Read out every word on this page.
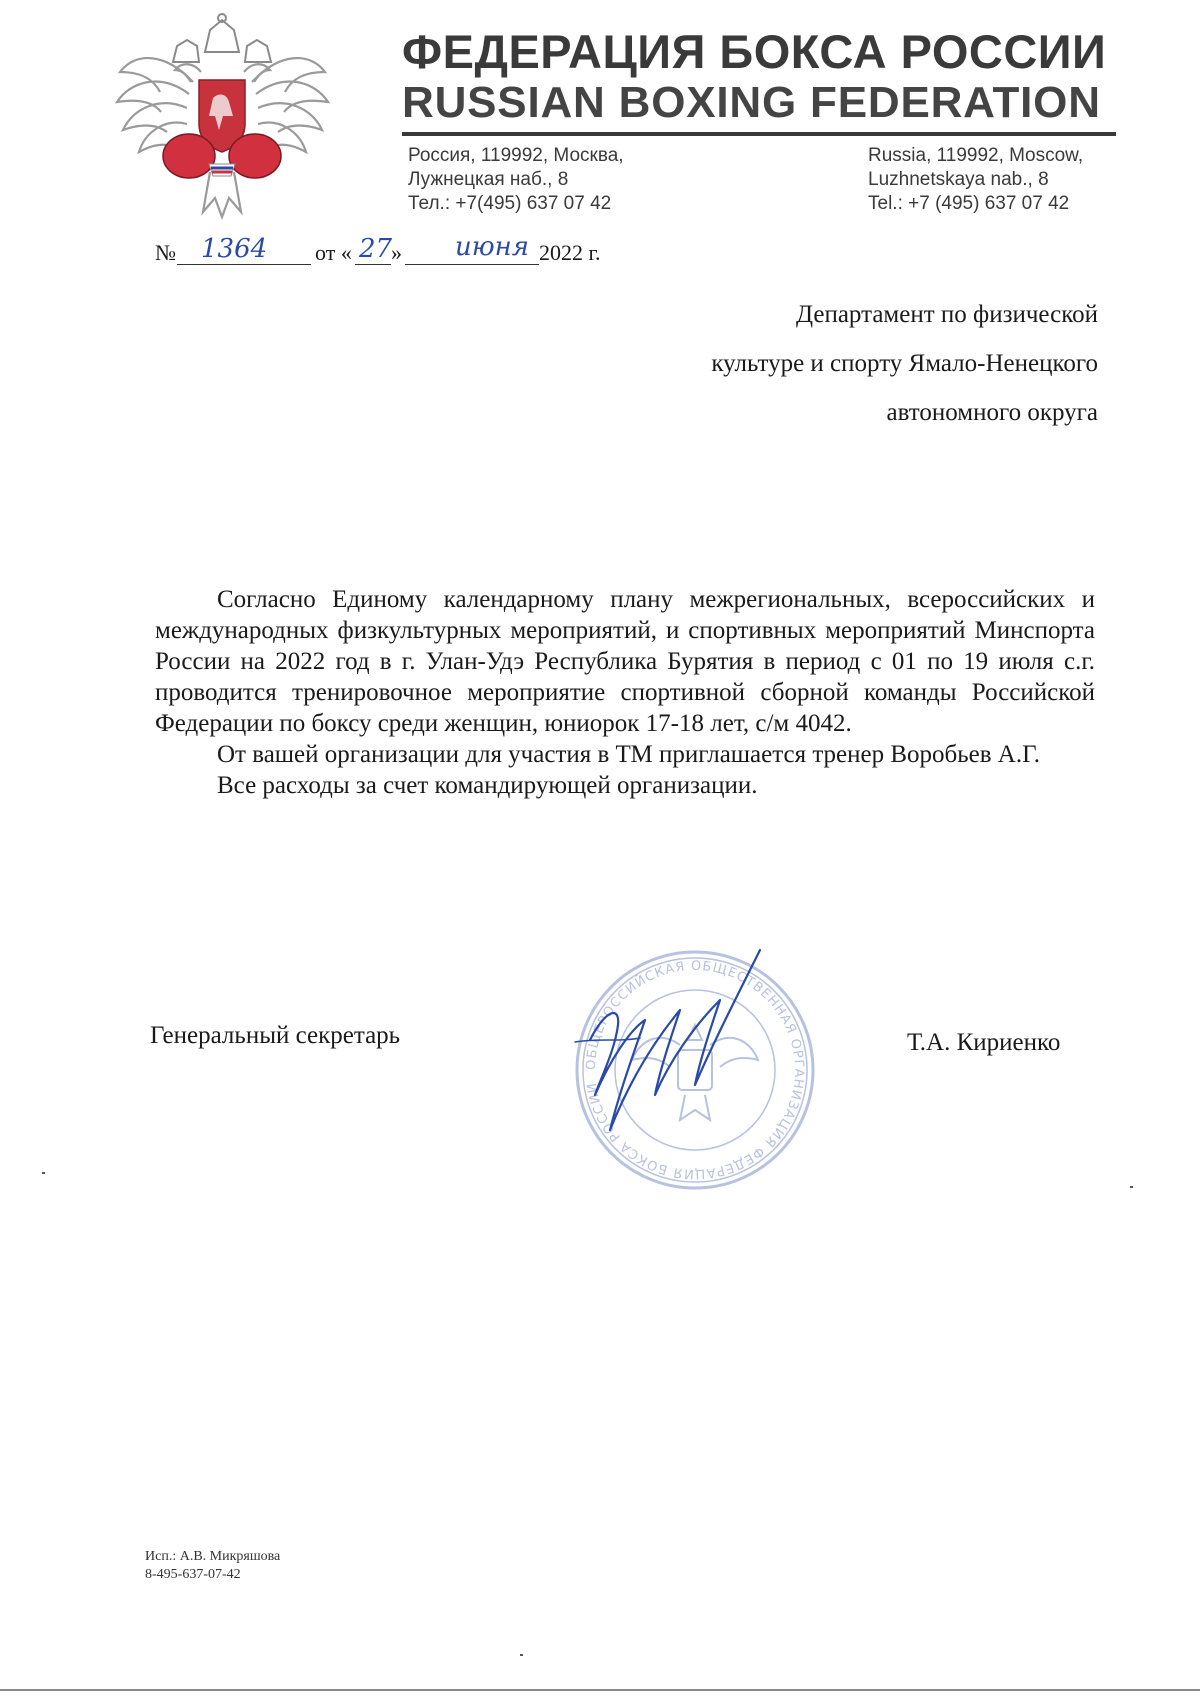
ФЕДЕРАЦИЯ БОКСА РОССИИ
RUSSIAN BOXING FEDERATION
Россия, 119992, Москва,
Лужнецкая наб., 8
Тел.: +7(495) 637 07 42
Russia, 119992, Moscow,
Luzhnetskaya nab., 8
Tel.: +7 (495) 637 07 42
№ 1364 от « 27
» июня 2022 г.
Департамент по физической
культуре и спорту Ямало-Ненецкого
автономного округа

Согласно Единому календарному плану межрегиональных, всероссийских и международных физкультурных мероприятий, и спортивных мероприятий Минспорта России на 2022 год в г. Улан-Удэ Республика Бурятия в период с 01 по 19 июля с.г. проводится тренировочное мероприятие спортивной сборной команды Российской Федерации по боксу среди женщин, юниорок 17-18 лет, с/м 4042.

От вашей организации для участия в ТМ приглашается тренер Воробьев А.Г.

Все расходы за счет командирующей организации.

ОБЩЕРОССИЙСКАЯ ОБЩЕСТВЕННАЯ ОРГАНИЗАЦИЯ ФЕДЕРАЦИЯ БОКСА РОССИИ
Генеральный секретарь	Т.А. Кириенко
Исп.: А.В. Микряшова
8-495-637-07-42
